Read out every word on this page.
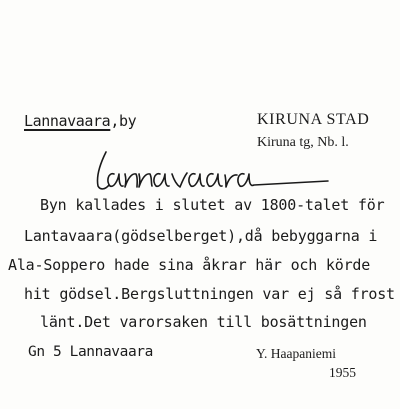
Lannavaara,by	KIRUNA STAD
Kiruna tg, Nb. l.
Byn kallades i slutet av 1800-talet för
Lantavaara(gödselberget),då bebyggarna i
Ala-Soppero hade sina åkrar här och körde
hit gödsel.Bergsluttningen var ej så frost
länt.Det varorsaken till bosättningen
Gn 5 Lannavaara	Y. Haapaniemi
1955
